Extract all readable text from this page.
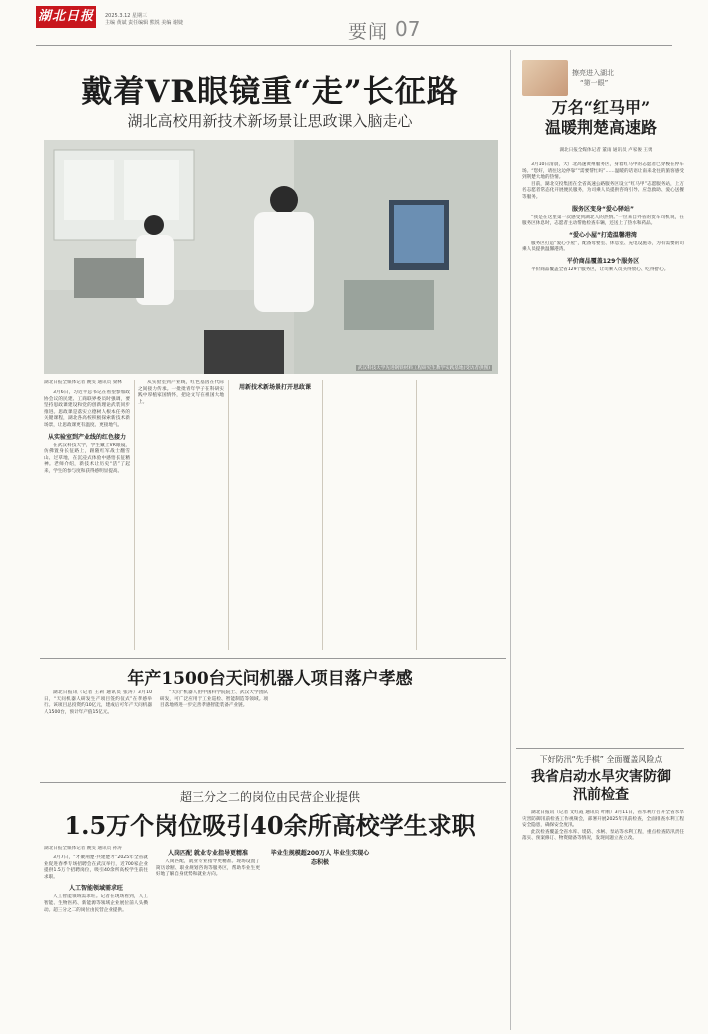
湖北日报	2025.3.12 星期三
主编 黄斌 责任编辑 熊锐 美编 谢婕	要闻 07
戴着VR眼镜重“走”长征路
湖北高校用新技术新场景让思政课入脑走心
武汉科技大学先进钢铁材料工程研究生教学实践基地(受访者供图)
湖北日报全媒体记者 姚雯 通讯员 梁林

3月6日，习近平总书记在看望参加政协会议的民建、工商联界委员时强调，要坚持思政课建设和党的创新理论武装同步推进。思政课是落实立德树人根本任务的关键课程，湖北各高校积极探索新技术新场景，让思政课更有温度、更接地气。

从实验室到产业线的红色接力

在武汉科技大学，学生戴上VR眼镜，仿佛置身长征路上，跟随红军战士翻雪山、过草地，在沉浸式体验中感悟长征精神。老师介绍，新技术让历史“活”了起来，学生的参与度和获得感明显提高。

从实验室到产业线，红色基因在代际之间接力传承。一批批青年学子在科研实践中厚植家国情怀，把论文写在祖国大地上。

用新技术新场景打开思政课
年产1500台天问机器人项目落户孝感

湖北日报讯（记者 王莉 通讯员 张涛）3月10日，“天问机器人研发生产项目签约仪式”在孝感举行。该项目总投资约10亿元，建成后可年产天问机器人1500台，预计年产值15亿元。

“天问”机器人由中国科学院院士、武汉大学团队研发，可广泛应用于工业巡检、智能制造等领域。项目落地将进一步完善孝感智能装备产业链。

超三分之二的岗位由民营企业提供
1.5万个岗位吸引40余所高校学生求职
湖北日报全媒体记者 姚雯 通讯员 孙涛

3月7日，“才聚荆楚·共建楚才”2025年全省就业促进春季专场招聘会在武汉举行，近700家企业提供1.5万个招聘岗位，吸引40余所高校学生前往求职。

人工智能领域需求旺

人工智能领域需求旺。记者在现场看到，人工智能、生物医药、新能源等领域企业展位前人头攒动。超三分之二的岗位由民营企业提供。

人岗匹配 就业专业指导更精准

人岗匹配，就业专业指导更精准。现场设置了简历诊断、职业规划咨询等服务区，帮助毕业生更好地了解自身优势和就业方向。

毕业生规模超200万人 毕业生实现心态积极
擦亮进入湖北
“第一眼”
万名“红马甲”
温暖荆楚高速路
湖北日报全媒体记者 董雨 通讯员 卢家俊 王勇

3月10日清晨，大广北高速黄州服务区，身着红马甲的志愿者已穿梭在停车场。“您好，请往这边停靠”“需要帮忙吗”……温暖的话语让南来北往的旅客感受到荆楚大地的热情。

目前，湖北交投集团在全省高速公路服务区设立“红马甲”志愿服务站，上万名志愿者常态化开展便民服务，为司乘人员提供咨询引导、应急救助、爱心送餐等服务。

服务区变身“爱心驿站”

“我是在这里第一次感受到湖北人的热情。”一位来自外省的货车司机说，在服务区休息时，志愿者主动帮他检查车辆，还送上了热水和药品。

“爱心小屋”打造温馨港湾

服务区打造“爱心小屋”，配备母婴室、休息室、充电设施等，为有需要的司乘人员提供温馨港湾。

平价商品覆盖129个服务区

平价商品覆盖全省129个服务区，让司乘人员买得放心、吃得舒心。

下好防汛“先手棋” 全面覆盖风险点
我省启动水旱灾害防御
汛前检查

湖北日报讯（记者 文红霞 通讯员 叶刚）3月11日，省水利厅召开全省水旱灾害防御汛前检查工作视频会，部署开展2025年汛前检查，全面排查水利工程安全隐患，确保安全度汛。

此次检查覆盖全省水库、堤防、水闸、泵站等水利工程，重点检查防汛责任落实、预案修订、物资储备等情况，发现问题立查立改。
